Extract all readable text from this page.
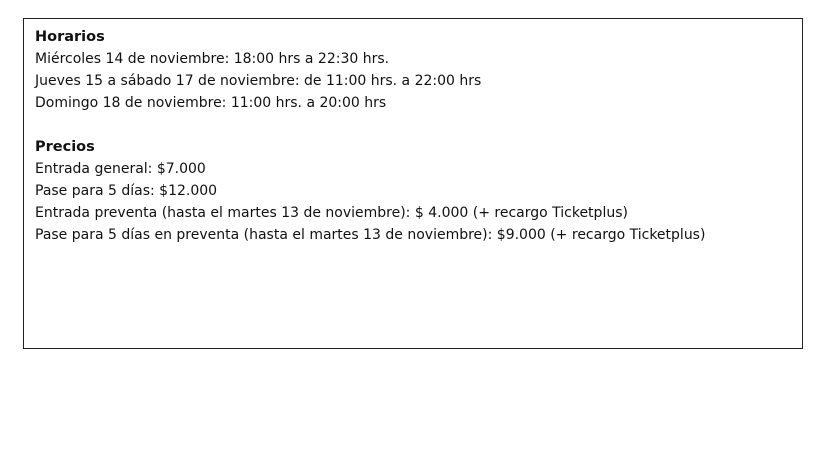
Horarios

Miércoles 14 de noviembre: 18:00 hrs a 22:30 hrs.

Jueves 15 a sábado 17 de noviembre: de 11:00 hrs. a 22:00 hrs

Domingo 18 de noviembre: 11:00 hrs. a 20:00 hrs

Precios

Entrada general: $7.000

Pase para 5 días: $12.000

Entrada preventa (hasta el martes 13 de noviembre): $ 4.000 (+ recargo Ticketplus)

Pase para 5 días en preventa (hasta el martes 13 de noviembre): $9.000 (+ recargo Ticketplus)
